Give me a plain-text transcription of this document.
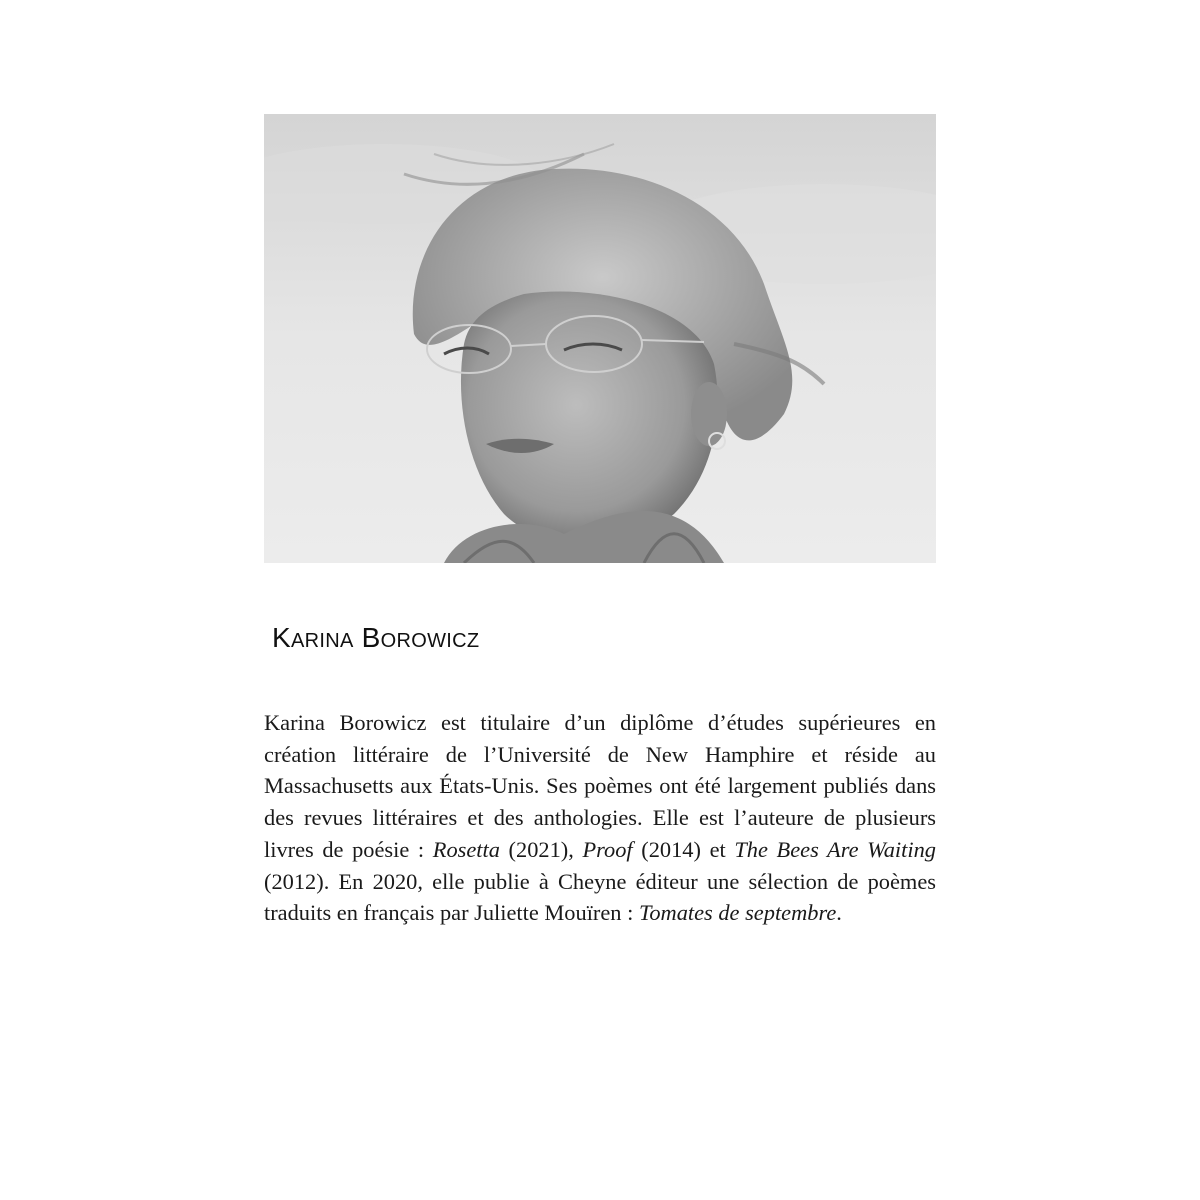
Karina Borowicz
Karina Borowicz est titulaire d’un diplôme d’études supérieures en
création littéraire de l’Université de New Hamphire et réside au
Massachusetts aux États-Unis. Ses poèmes ont été largement publiés dans
des revues littéraires et des anthologies. Elle est l’auteure de plusieurs
livres de poésie : Rosetta (2021), Proof (2014) et The Bees Are Waiting
(2012). En 2020, elle publie à Cheyne éditeur une sélection de poèmes
traduits en français par Juliette Mouïren : Tomates de septembre.
